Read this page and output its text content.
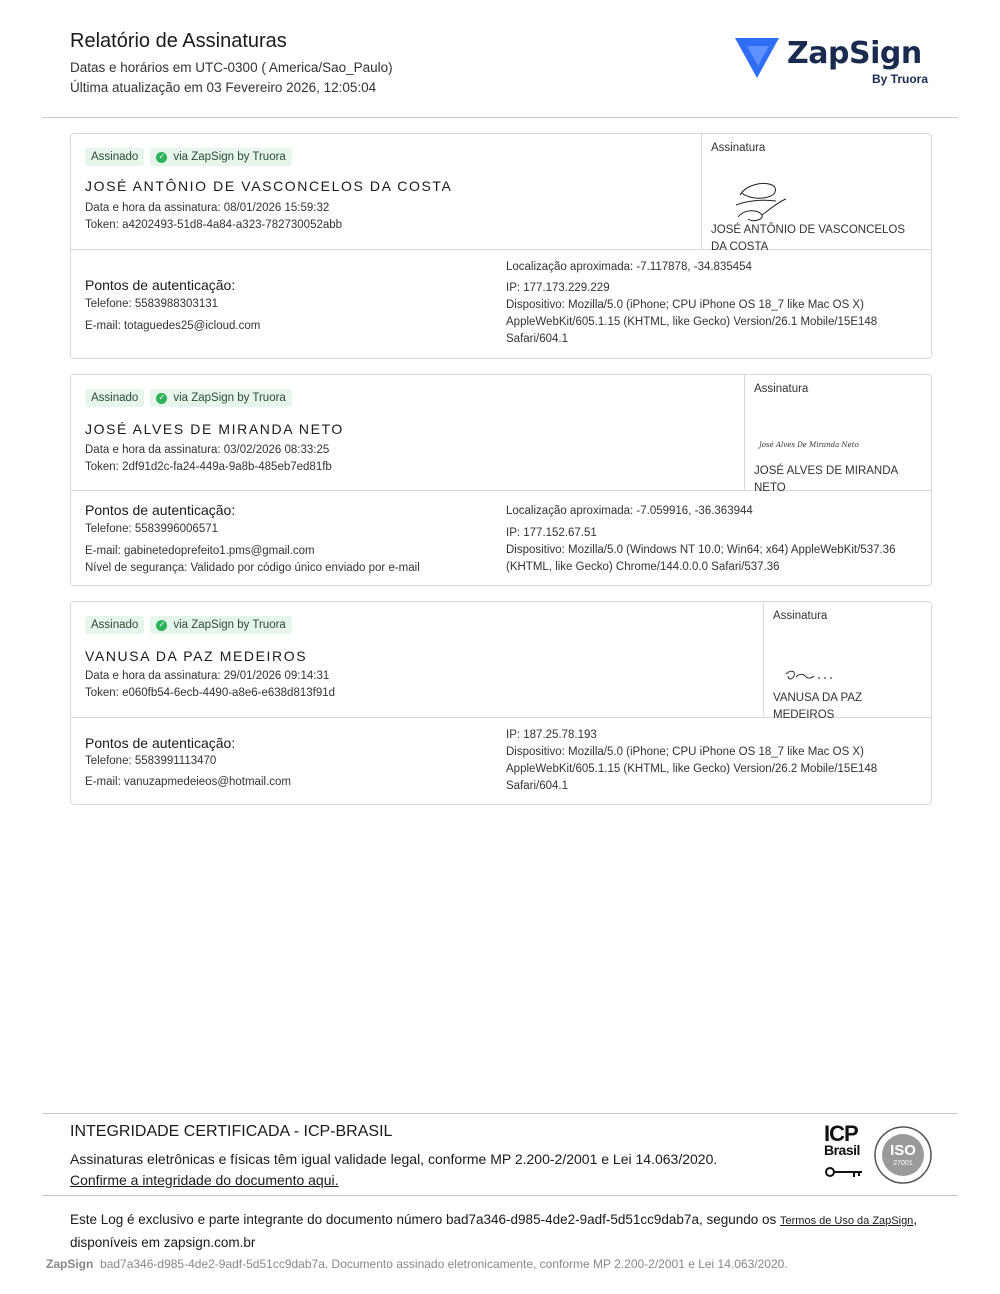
Relatório de Assinaturas
Datas e horários em UTC-0300 ( America/Sao_Paulo)
Última atualização em 03 Fevereiro 2026, 12:05:04
ZapSign
By Truora
Assinado	✓ via ZapSign by Truora
JOSÉ ANTÔNIO DE VASCONCELOS DA COSTA
Data e hora da assinatura: 08/01/2026 15:59:32
Token: a4202493-51d8-4a84-a323-782730052abb
Assinatura
JOSÉ ANTÔNIO DE VASCONCELOS DA COSTA
Pontos de autenticação:
Telefone: 5583988303131
E-mail: totaguedes25@icloud.com
Localização aproximada: -7.117878, -34.835454
IP: 177.173.229.229
Dispositivo: Mozilla/5.0 (iPhone; CPU iPhone OS 18_7 like Mac OS X) AppleWebKit/605.1.15 (KHTML, like Gecko) Version/26.1 Mobile/15E148 Safari/604.1
Assinado	✓ via ZapSign by Truora
JOSÉ ALVES DE MIRANDA NETO
Data e hora da assinatura: 03/02/2026 08:33:25
Token: 2df91d2c-fa24-449a-9a8b-485eb7ed81fb
Assinatura
José Alves De Miranda Neto
JOSÉ ALVES DE MIRANDA NETO
Pontos de autenticação:
Telefone: 5583996006571
E-mail: gabinetedoprefeito1.pms@gmail.com
Nível de segurança: Validado por código único enviado por e-mail
Localização aproximada: -7.059916, -36.363944
IP: 177.152.67.51
Dispositivo: Mozilla/5.0 (Windows NT 10.0; Win64; x64) AppleWebKit/537.36 (KHTML, like Gecko) Chrome/144.0.0.0 Safari/537.36
Assinado	✓ via ZapSign by Truora
VANUSA DA PAZ MEDEIROS
Data e hora da assinatura: 29/01/2026 09:14:31
Token: e060fb54-6ecb-4490-a8e6-e638d813f91d
Assinatura
VANUSA DA PAZ MEDEIROS
Pontos de autenticação:
Telefone: 5583991113470
E-mail: vanuzapmedeieos@hotmail.com
IP: 187.25.78.193
Dispositivo: Mozilla/5.0 (iPhone; CPU iPhone OS 18_7 like Mac OS X) AppleWebKit/605.1.15 (KHTML, like Gecko) Version/26.2 Mobile/15E148 Safari/604.1
INTEGRIDADE CERTIFICADA - ICP-BRASIL
Assinaturas eletrônicas e físicas têm igual validade legal, conforme MP 2.200-2/2001 e Lei 14.063/2020.
Confirme a integridade do documento aqui.
ICP
Brasil	ISO
27001
Este Log é exclusivo e parte integrante do documento número bad7a346-d985-4de2-9adf-5d51cc9dab7a, segundo os Termos de Uso da ZapSign, disponíveis em zapsign.com.br
ZapSign bad7a346-d985-4de2-9adf-5d51cc9dab7a. Documento assinado eletronicamente, conforme MP 2.200-2/2001 e Lei 14.063/2020.
